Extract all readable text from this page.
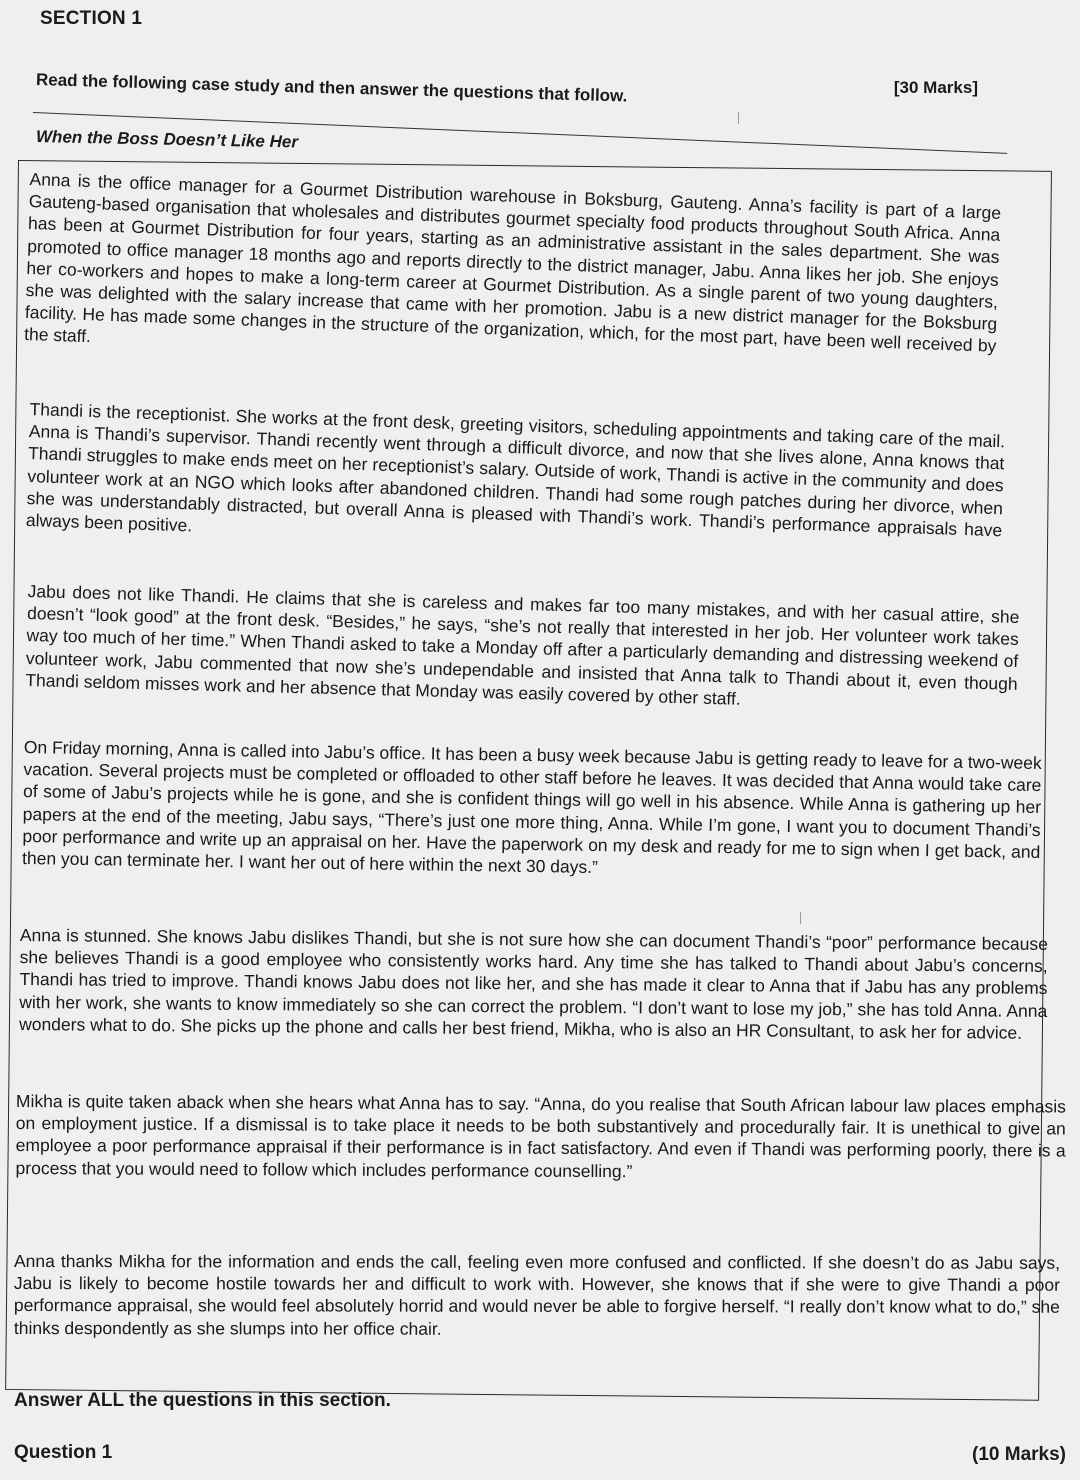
SECTION 1
Read the following case study and then answer the questions that follow.	[30 Marks]
When the Boss Doesn’t Like Her
Anna is the office manager for a Gourmet Distribution warehouse in Boksburg, Gauteng. Anna’s facility is part of a large Gauteng-based organisation that wholesales and distributes gourmet specialty food products throughout South Africa. Anna has been at Gourmet Distribution for four years, starting as an administrative assistant in the sales department. She was promoted to office manager 18 months ago and reports directly to the district manager, Jabu. Anna likes her job. She enjoys her co-workers and hopes to make a long-term career at Gourmet Distribution. As a single parent of two young daughters, she was delighted with the salary increase that came with her promotion. Jabu is a new district manager for the Boksburg facility. He has made some changes in the structure of the organization, which, for the most part, have been well received by the staff.
Thandi is the receptionist. She works at the front desk, greeting visitors, scheduling appointments and taking care of the mail. Anna is Thandi’s supervisor. Thandi recently went through a difficult divorce, and now that she lives alone, Anna knows that Thandi struggles to make ends meet on her receptionist’s salary. Outside of work, Thandi is active in the community and does volunteer work at an NGO which looks after abandoned children. Thandi had some rough patches during her divorce, when she was understandably distracted, but overall Anna is pleased with Thandi’s work. Thandi’s performance appraisals have always been positive.
Jabu does not like Thandi. He claims that she is careless and makes far too many mistakes, and with her casual attire, she doesn’t “look good” at the front desk. “Besides,” he says, “she’s not really that interested in her job. Her volunteer work takes way too much of her time.” When Thandi asked to take a Monday off after a particularly demanding and distressing weekend of volunteer work, Jabu commented that now she’s undependable and insisted that Anna talk to Thandi about it, even though Thandi seldom misses work and her absence that Monday was easily covered by other staff.
On Friday morning, Anna is called into Jabu’s office. It has been a busy week because Jabu is getting ready to leave for a two-week vacation. Several projects must be completed or offloaded to other staff before he leaves. It was decided that Anna would take care of some of Jabu’s projects while he is gone, and she is confident things will go well in his absence. While Anna is gathering up her papers at the end of the meeting, Jabu says, “There’s just one more thing, Anna. While I’m gone, I want you to document Thandi’s poor performance and write up an appraisal on her. Have the paperwork on my desk and ready for me to sign when I get back, and then you can terminate her. I want her out of here within the next 30 days.”
Anna is stunned. She knows Jabu dislikes Thandi, but she is not sure how she can document Thandi’s “poor” performance because she believes Thandi is a good employee who consistently works hard. Any time she has talked to Thandi about Jabu’s concerns, Thandi has tried to improve. Thandi knows Jabu does not like her, and she has made it clear to Anna that if Jabu has any problems with her work, she wants to know immediately so she can correct the problem. “I don’t want to lose my job,” she has told Anna. Anna wonders what to do. She picks up the phone and calls her best friend, Mikha, who is also an HR Consultant, to ask her for advice.
Mikha is quite taken aback when she hears what Anna has to say. “Anna, do you realise that South African labour law places emphasis on employment justice. If a dismissal is to take place it needs to be both substantively and procedurally fair. It is unethical to give an employee a poor performance appraisal if their performance is in fact satisfactory. And even if Thandi was performing poorly, there is a process that you would need to follow which includes performance counselling.”
Anna thanks Mikha for the information and ends the call, feeling even more confused and conflicted. If she doesn’t do as Jabu says, Jabu is likely to become hostile towards her and difficult to work with. However, she knows that if she were to give Thandi a poor performance appraisal, she would feel absolutely horrid and would never be able to forgive herself. “I really don’t know what to do,” she thinks despondently as she slumps into her office chair.
Answer ALL the questions in this section.
Question 1	(10 Marks)
